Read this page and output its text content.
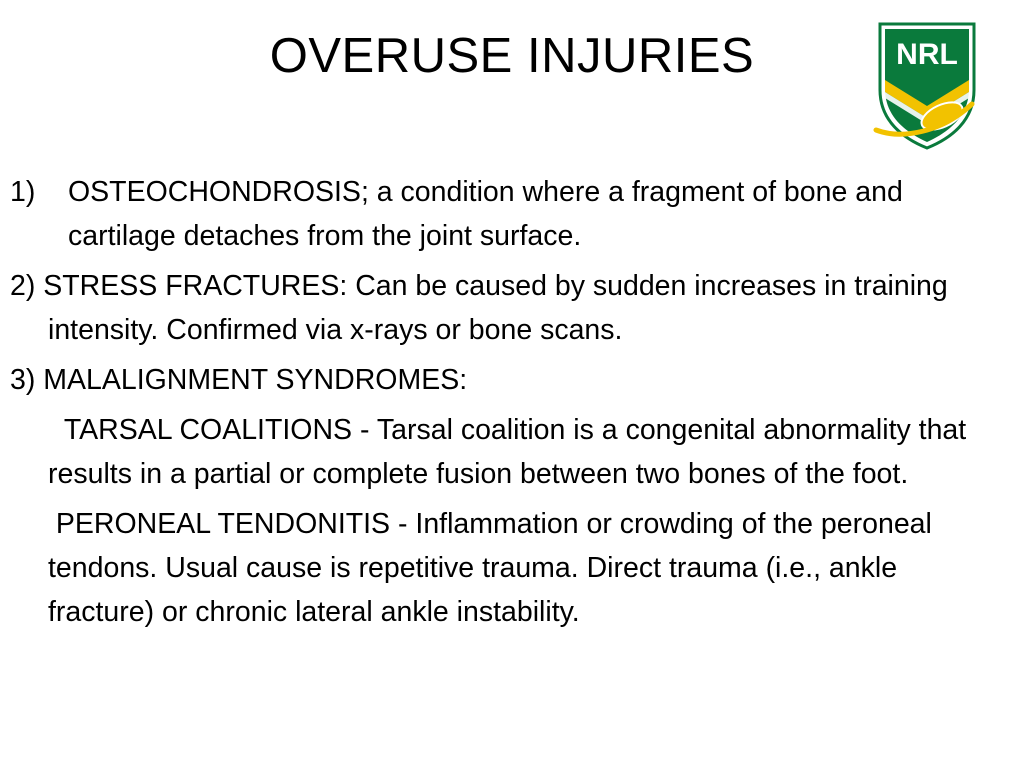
OVERUSE INJURIES	NRL
1)	OSTEOCHONDROSIS; a condition where a fragment of bone and cartilage detaches from the joint surface.
2) STRESS FRACTURES: Can be caused by sudden increases in training intensity. Confirmed via x-rays or bone scans.
3) MALALIGNMENT SYNDROMES:
TARSAL COALITIONS - Tarsal coalition is a congenital abnormality that results in a partial or complete fusion between two bones of the foot.
PERONEAL TENDONITIS - Inflammation or crowding of the peroneal tendons. Usual cause is repetitive trauma. Direct trauma (i.e., ankle fracture) or chronic lateral ankle instability.
